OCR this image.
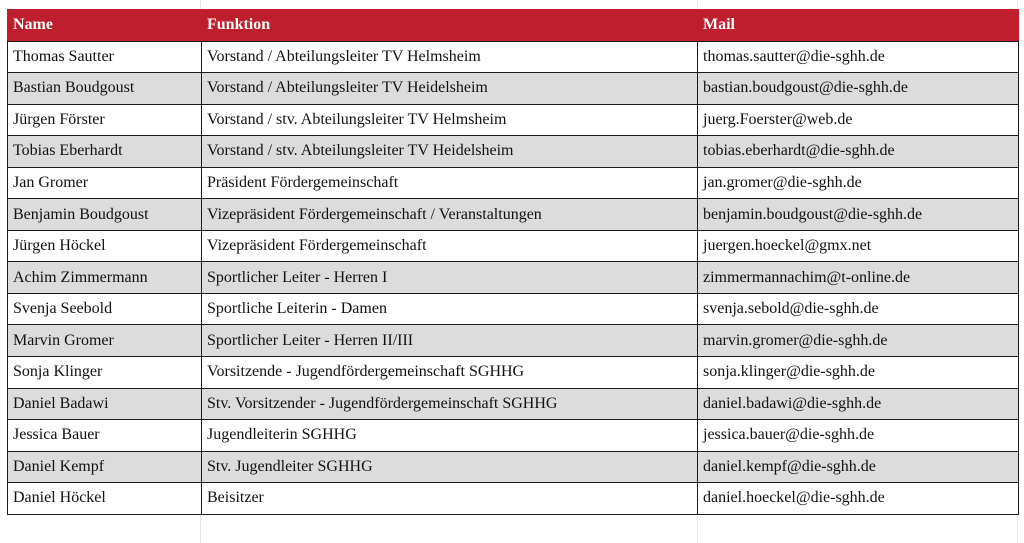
Name	Funktion	Mail
Thomas Sautter	Vorstand / Abteilungsleiter TV Helmsheim	thomas.sautter@die-sghh.de
Bastian Boudgoust	Vorstand / Abteilungsleiter TV Heidelsheim	bastian.boudgoust@die-sghh.de
Jürgen Förster	Vorstand / stv. Abteilungsleiter TV Helmsheim	juerg.Foerster@web.de
Tobias Eberhardt	Vorstand / stv. Abteilungsleiter TV Heidelsheim	tobias.eberhardt@die-sghh.de
Jan Gromer	Präsident Fördergemeinschaft	jan.gromer@die-sghh.de
Benjamin Boudgoust	Vizepräsident Fördergemeinschaft / Veranstaltungen	benjamin.boudgoust@die-sghh.de
Jürgen Höckel	Vizepräsident Fördergemeinschaft	juergen.hoeckel@gmx.net
Achim Zimmermann	Sportlicher Leiter - Herren I	zimmermannachim@t-online.de
Svenja Seebold	Sportliche Leiterin - Damen	svenja.sebold@die-sghh.de
Marvin Gromer	Sportlicher Leiter - Herren II/III	marvin.gromer@die-sghh.de
Sonja Klinger	Vorsitzende - Jugendfördergemeinschaft SGHHG	sonja.klinger@die-sghh.de
Daniel Badawi	Stv. Vorsitzender - Jugendfördergemeinschaft SGHHG	daniel.badawi@die-sghh.de
Jessica Bauer	Jugendleiterin SGHHG	jessica.bauer@die-sghh.de
Daniel Kempf	Stv. Jugendleiter SGHHG	daniel.kempf@die-sghh.de
Daniel Höckel	Beisitzer	daniel.hoeckel@die-sghh.de
